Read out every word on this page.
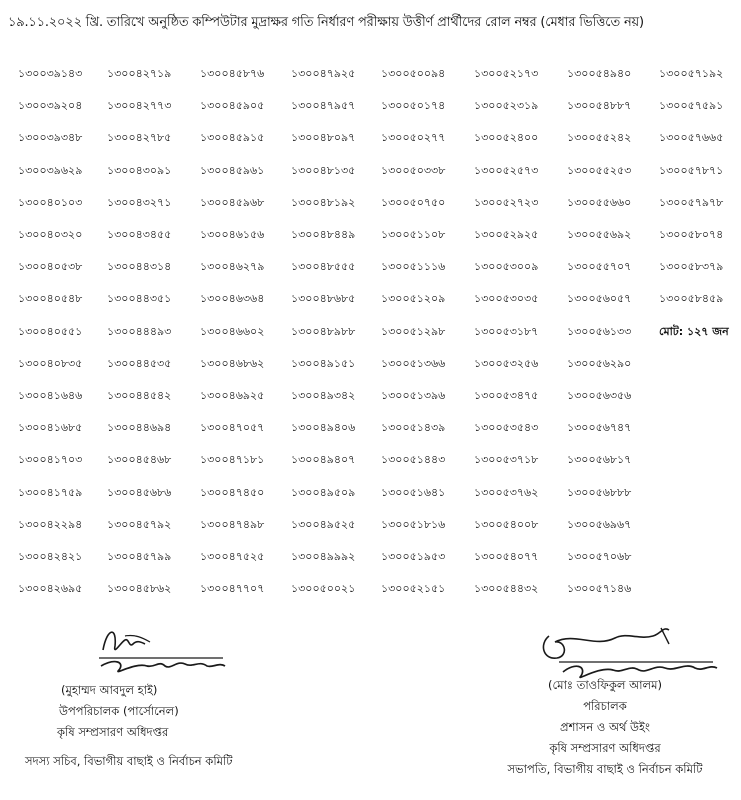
১৯.১১.২০২২ খ্রি. তারিখে অনুষ্ঠিত কম্পিউটার মুদ্রাক্ষর গতি নির্ধারণ পরীক্ষায় উত্তীর্ণ প্রার্থীদের রোল নম্বর (মেধার ভিত্তিতে নয়)
১৩০০৩৯১৪৩
১৩০০৩৯২০৪
১৩০০৩৯৩৪৮
১৩০০৩৯৬২৯
১৩০০৪০১০৩
১৩০০৪০৩২০
১৩০০৪০৫৩৮
১৩০০৪০৫৪৮
১৩০০৪০৫৫১
১৩০০৪০৮৩৫
১৩০০৪১৬৪৬
১৩০০৪১৬৮৫
১৩০০৪১৭০৩
১৩০০৪১৭৫৯
১৩০০৪২২৯৪
১৩০০৪২৪২১
১৩০০৪২৬৯৫
১৩০০৪২৭১৯
১৩০০৪২৭৭৩
১৩০০৪২৭৮৫
১৩০০৪৩০৯১
১৩০০৪৩২৭১
১৩০০৪৩৪৫৫
১৩০০৪৪৩১৪
১৩০০৪৪৩৫১
১৩০০৪৪৪৯৩
১৩০০৪৪৫৩৫
১৩০০৪৪৫৪২
১৩০০৪৪৬৯৪
১৩০০৪৫৪৬৮
১৩০০৪৫৬৮৬
১৩০০৪৫৭৯২
১৩০০৪৫৭৯৯
১৩০০৪৫৮৬২
১৩০০৪৫৮৭৬
১৩০০৪৫৯০৫
১৩০০৪৫৯১৫
১৩০০৪৫৯৬১
১৩০০৪৫৯৬৮
১৩০০৪৬১৫৬
১৩০০৪৬২৭৯
১৩০০৪৬৩৬৪
১৩০০৪৬৬০২
১৩০০৪৬৮৬২
১৩০০৪৬৯২৫
১৩০০৪৭০৫৭
১৩০০৪৭১৮১
১৩০০৪৭৪৫০
১৩০০৪৭৪৯৮
১৩০০৪৭৫২৫
১৩০০৪৭৭০৭
১৩০০৪৭৯২৫
১৩০০৪৭৯৫৭
১৩০০৪৮০৯৭
১৩০০৪৮১৩৫
১৩০০৪৮১৯২
১৩০০৪৮৪৪৯
১৩০০৪৮৫৫৫
১৩০০৪৮৬৮৫
১৩০০৪৮৯৮৮
১৩০০৪৯১৫১
১৩০০৪৯৩৪২
১৩০০৪৯৪০৬
১৩০০৪৯৪০৭
১৩০০৪৯৫০৯
১৩০০৪৯৫২৫
১৩০০৪৯৯৯২
১৩০০৫০০২১
১৩০০৫০০৯৪
১৩০০৫০১৭৪
১৩০০৫০২৭৭
১৩০০৫০৩৩৮
১৩০০৫০৭৫০
১৩০০৫১১০৮
১৩০০৫১১১৬
১৩০০৫১২০৯
১৩০০৫১২৯৮
১৩০০৫১৩৬৬
১৩০০৫১৩৯৬
১৩০০৫১৪৩৯
১৩০০৫১৪৪৩
১৩০০৫১৬৪১
১৩০০৫১৮১৬
১৩০০৫১৯৫৩
১৩০০৫২১৫১
১৩০০৫২১৭৩
১৩০০৫২৩১৯
১৩০০৫২৪০০
১৩০০৫২৫৭৩
১৩০০৫২৭২৩
১৩০০৫২৯২৫
১৩০০৫৩০০৯
১৩০০৫৩০৩৫
১৩০০৫৩১৮৭
১৩০০৫৩২৫৬
১৩০০৫৩৪৭৫
১৩০০৫৩৫৪৩
১৩০০৫৩৭১৮
১৩০০৫৩৭৬২
১৩০০৫৪০০৮
১৩০০৫৪০৭৭
১৩০০৫৪৪৩২
১৩০০৫৪৯৪০
১৩০০৫৪৮৮৭
১৩০০৫৫২৪২
১৩০০৫৫২৫৩
১৩০০৫৫৬৬০
১৩০০৫৫৬৯২
১৩০০৫৫৭০৭
১৩০০৫৬০৫৭
১৩০০৫৬১৩৩
১৩০০৫৬২৯০
১৩০০৫৬৩৫৬
১৩০০৫৬৭৪৭
১৩০০৫৬৮১৭
১৩০০৫৬৮৮৮
১৩০০৫৬৯৬৭
১৩০০৫৭০৬৮
১৩০০৫৭১৪৬
১৩০০৫৭১৯২
১৩০০৫৭৫৯১
১৩০০৫৭৬৬৫
১৩০০৫৭৮৭১
১৩০০৫৭৯৭৮
১৩০০৫৮০৭৪
১৩০০৫৮৩৭৯
১৩০০৫৮৪৫৯
মোট: ১২৭ জন
(মুহাম্মদ আবদুল হাই)
উপপরিচালক (পার্সোনেল)
কৃষি সম্প্রসারণ অধিদপ্তর
সদস্য সচিব, বিভাগীয় বাছাই ও নির্বাচন কমিটি
(মোঃ তাওফিকুল আলম)
পরিচালক
প্রশাসন ও অর্থ উইং
কৃষি সম্প্রসারণ অধিদপ্তর
সভাপতি, বিভাগীয় বাছাই ও নির্বাচন কমিটি
